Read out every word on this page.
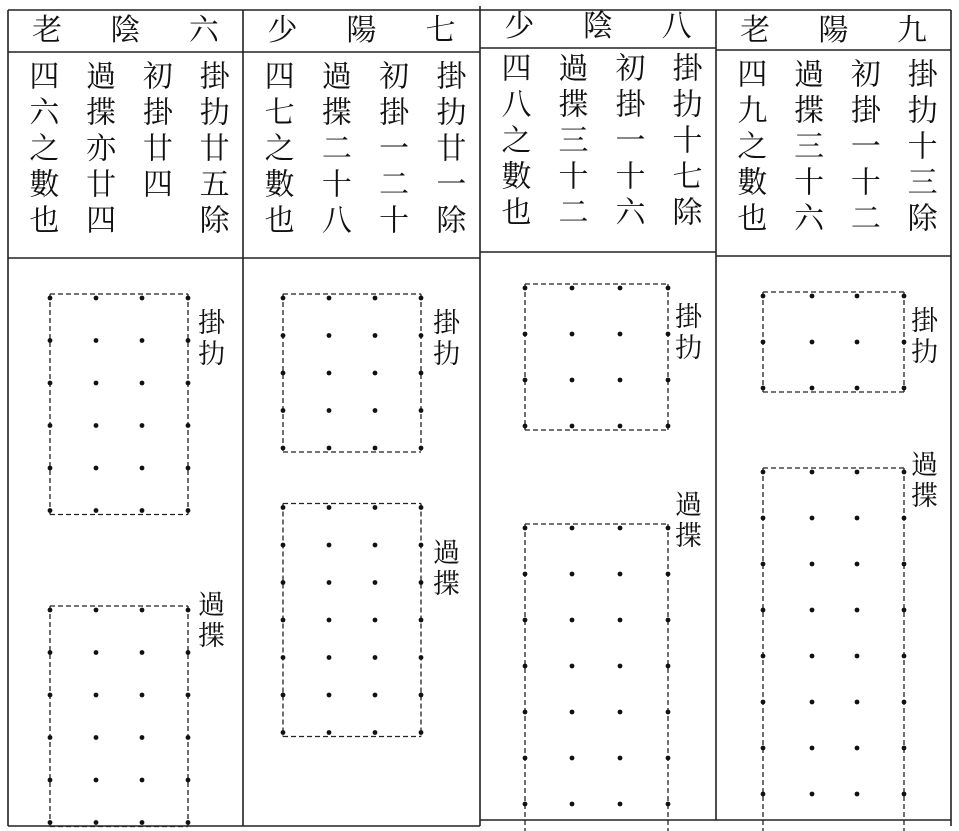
六
陰
老
掛扐廿五除
初掛廿四
過揲亦廿四
四六之數也
掛扐
過揲
七
陽
少
掛扐廿一除
初掛一二十
過揲二十八
四七之數也
掛扐
過揲
八
陰
少
掛扐十七除
初掛一十六
過揲三十二
四八之數也
掛扐
過揲
九
陽
老
掛扐十三除
初掛一十二
過揲三十六
四九之數也
掛扐
過揲
